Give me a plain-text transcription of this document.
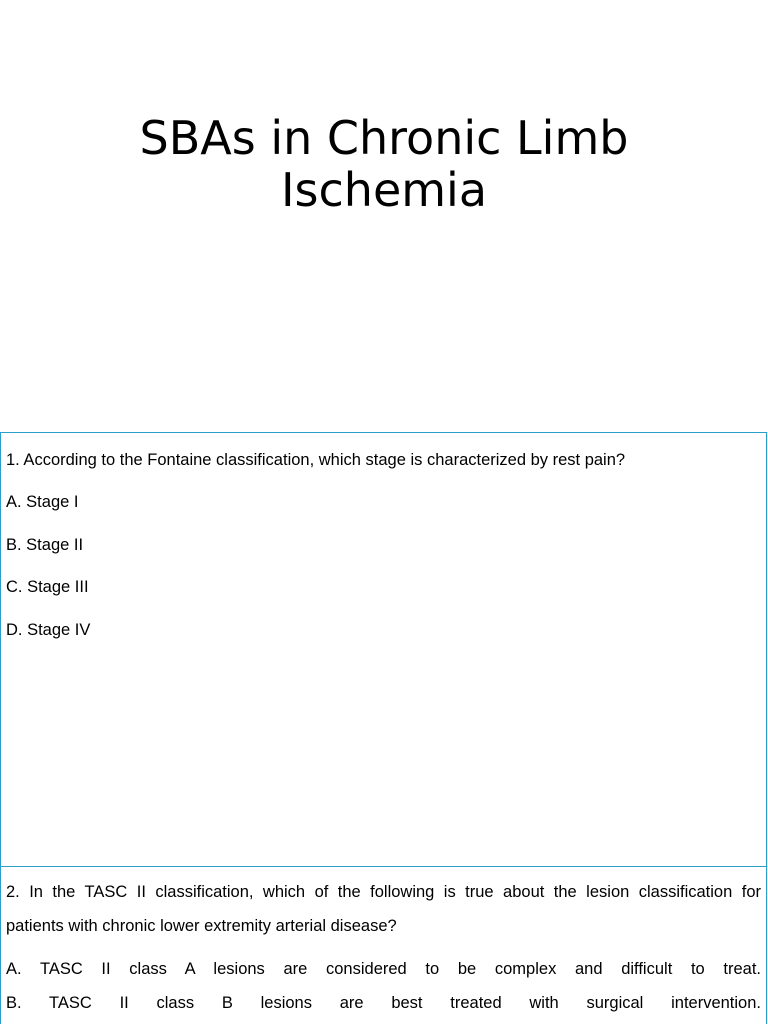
SBAs in Chronic Limb
Ischemia
1. According to the Fontaine classification, which stage is characterized by rest pain?
A. Stage I
B. Stage II
C. Stage III
D. Stage IV
2. In the TASC II classification, which of the following is true about the lesion classification for
patients with chronic lower extremity arterial disease?
A. TASC II class A lesions are considered to be complex and difficult to treat.
B. TASC II class B lesions are best treated with surgical intervention.
